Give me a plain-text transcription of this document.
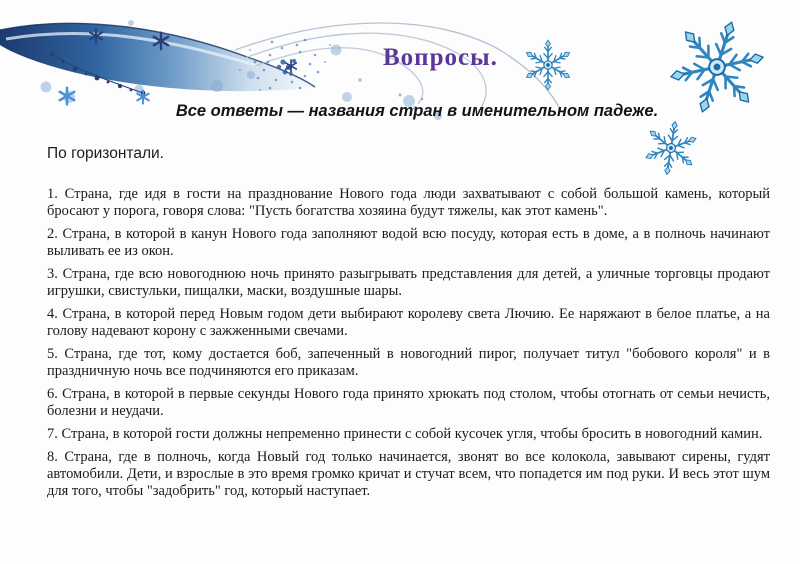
Вопросы.
Все ответы — названия стран в именительном падеже.
По горизонтали.

1. Страна, где идя в гости на празднование Нового года люди захватывают с собой большой камень, который бросают у порога, говоря слова: "Пусть богатства хозяина будут тяжелы, как этот камень".

2. Страна, в которой в канун Нового года заполняют водой всю посуду, которая есть в доме, а в полночь начинают выливать ее из окон.

3. Страна, где всю новогоднюю ночь принято разыгрывать представления для детей, а уличные торговцы продают игрушки, свистульки, пищалки, маски, воздушные шары.

4. Страна, в которой перед Новым годом дети выбирают королеву света Лючию. Ее наряжают в белое платье, а на голову надевают корону с зажженными свечами.

5. Страна, где тот, кому достается боб, запеченный в новогодний пирог, получает титул "бобового короля" и в праздничную ночь все подчиняются его приказам.

6. Страна, в которой в первые секунды Нового года принято хрюкать под столом, чтобы отогнать от семьи нечисть, болезни и неудачи.

7. Страна, в которой гости должны непременно принести с собой кусочек угля, чтобы бросить в новогодний камин.

8. Страна, где в полночь, когда Новый год только начинается, звонят во все колокола, завывают сирены, гудят автомобили. Дети, и взрослые в это время громко кричат и стучат всем, что попадется им под руки. И весь этот шум для того, чтобы "задобрить" год, который наступает.
